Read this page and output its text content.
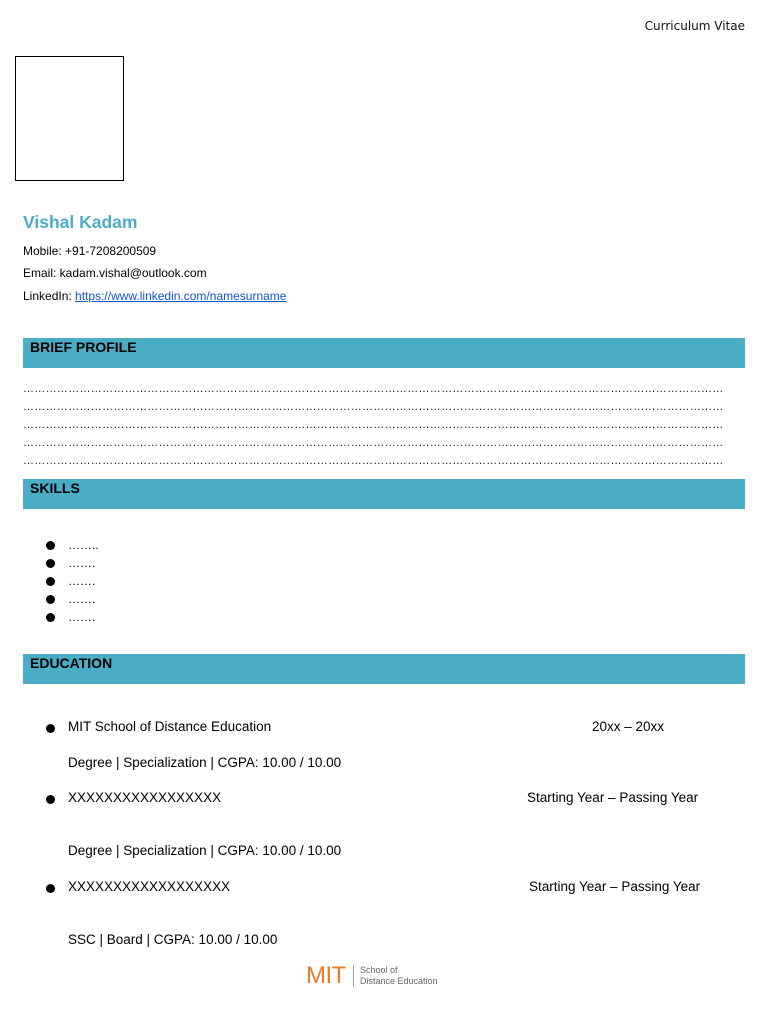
Curriculum Vitae
Vishal Kadam
Mobile: +91-7208200509
Email: kadam.vishal@outlook.com
LinkedIn: https://www.linkedin.com/namesurname
BRIEF PROFILE
……………………………………………………………………………………………………………………………………………………………………
……………………………………………………………………………………………………………………………………………………………………
……………………………………………………………………………………………………………………………………………………………………
……………………………………………………………………………………………………………………………………………………………………
……………………………………………………………………………………………………………………………………………………………………
SKILLS
……..
…….
…….
…….
…….
EDUCATION
MIT School of Distance Education	20xx – 20xx
Degree | Specialization | CGPA: 10.00 / 10.00
XXXXXXXXXXXXXXXXX	Starting Year – Passing Year
Degree | Specialization | CGPA: 10.00 / 10.00
XXXXXXXXXXXXXXXXXX	Starting Year – Passing Year
SSC | Board | CGPA: 10.00 / 10.00
MIT School of
Distance Education
